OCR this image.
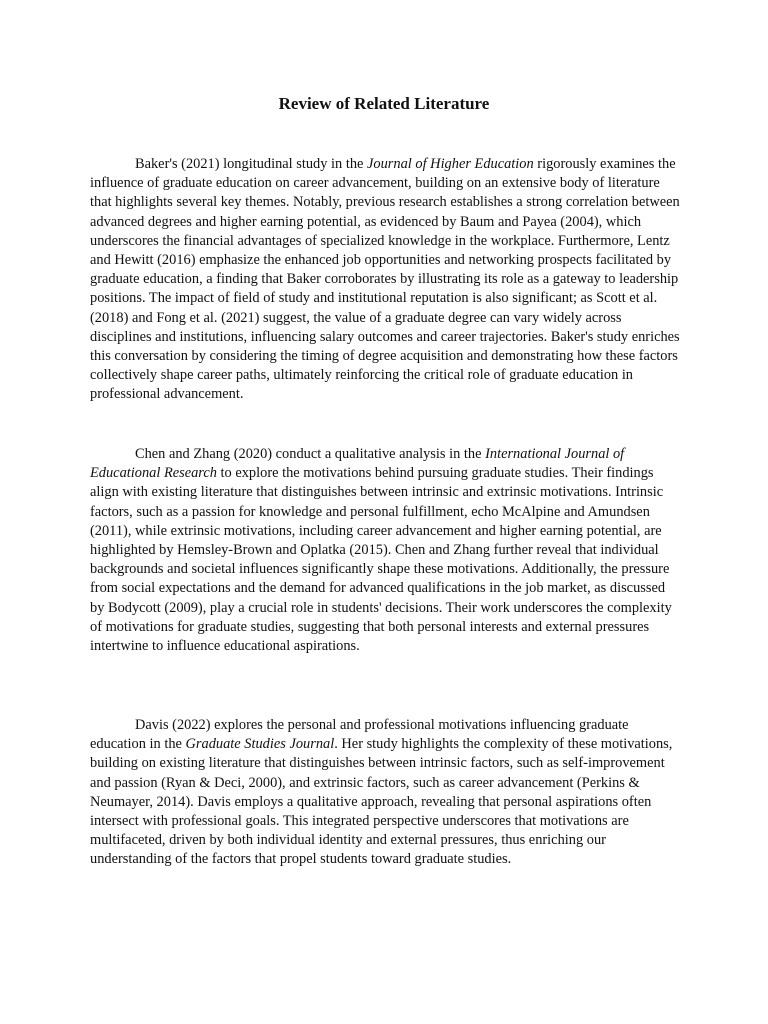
Review of Related Literature

Baker's (2021) longitudinal study in the Journal of Higher Education rigorously examines the influence of graduate education on career advancement, building on an extensive body of literature that highlights several key themes. Notably, previous research establishes a strong correlation between advanced degrees and higher earning potential, as evidenced by Baum and Payea (2004), which underscores the financial advantages of specialized knowledge in the workplace. Furthermore, Lentz and Hewitt (2016) emphasize the enhanced job opportunities and networking prospects facilitated by graduate education, a finding that Baker corroborates by illustrating its role as a gateway to leadership positions. The impact of field of study and institutional reputation is also significant; as Scott et al. (2018) and Fong et al. (2021) suggest, the value of a graduate degree can vary widely across disciplines and institutions, influencing salary outcomes and career trajectories. Baker's study enriches this conversation by considering the timing of degree acquisition and demonstrating how these factors collectively shape career paths, ultimately reinforcing the critical role of graduate education in professional advancement.

Chen and Zhang (2020) conduct a qualitative analysis in the International Journal of Educational Research to explore the motivations behind pursuing graduate studies. Their findings align with existing literature that distinguishes between intrinsic and extrinsic motivations. Intrinsic factors, such as a passion for knowledge and personal fulfillment, echo McAlpine and Amundsen (2011), while extrinsic motivations, including career advancement and higher earning potential, are highlighted by Hemsley-Brown and Oplatka (2015). Chen and Zhang further reveal that individual backgrounds and societal influences significantly shape these motivations. Additionally, the pressure from social expectations and the demand for advanced qualifications in the job market, as discussed by Bodycott (2009), play a crucial role in students' decisions. Their work underscores the complexity of motivations for graduate studies, suggesting that both personal interests and external pressures intertwine to influence educational aspirations.

Davis (2022) explores the personal and professional motivations influencing graduate education in the Graduate Studies Journal. Her study highlights the complexity of these motivations, building on existing literature that distinguishes between intrinsic factors, such as self-improvement and passion (Ryan & Deci, 2000), and extrinsic factors, such as career advancement (Perkins & Neumayer, 2014). Davis employs a qualitative approach, revealing that personal aspirations often intersect with professional goals. This integrated perspective underscores that motivations are multifaceted, driven by both individual identity and external pressures, thus enriching our understanding of the factors that propel students toward graduate studies.
